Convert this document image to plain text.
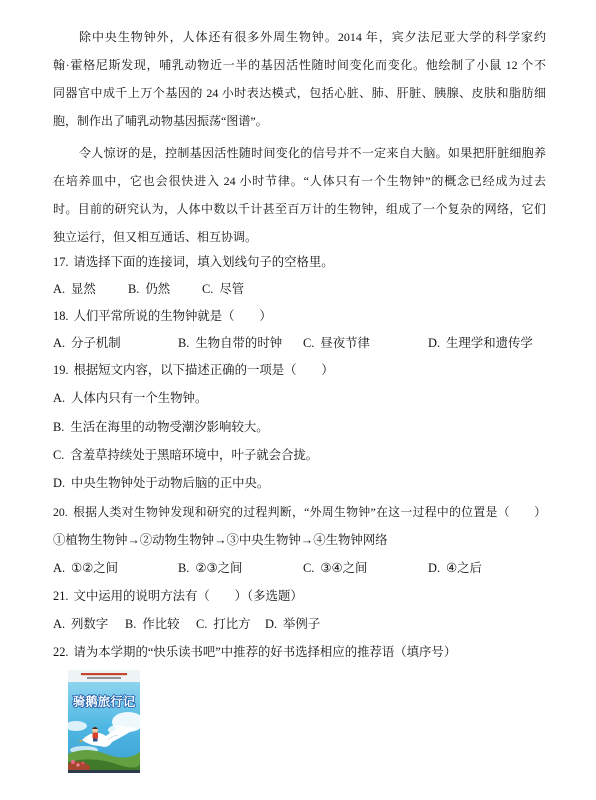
除中央生物钟外，人体还有很多外周生物钟。2014 年，宾夕法尼亚大学的科学家约
翰·霍格尼斯发现，哺乳动物近一半的基因活性随时间变化而变化。他绘制了小鼠 12 个不
同器官中成千上万个基因的 24 小时表达模式，包括心脏、肺、肝脏、胰腺、皮肤和脂肪细
胞，制作出了哺乳动物基因振荡“图谱”。
令人惊讶的是，控制基因活性随时间变化的信号并不一定来自大脑。如果把肝脏细胞养
在培养皿中，它也会很快进入 24 小时节律。“人体只有一个生物钟”的概念已经成为过去
时。目前的研究认为，人体中数以千计甚至百万计的生物钟，组成了一个复杂的网络，它们
独立运行，但又相互通话、相互协调。
17. 请选择下面的连接词，填入划线句子的空格里。
A. 显然	B. 仍然	C. 尽管
18. 人们平常所说的生物钟就是（　　）
A. 分子机制	B. 生物自带的时钟 C. 昼夜节律	D. 生理学和遗传学
19. 根据短文内容，以下描述正确的一项是（　　）
A. 人体内只有一个生物钟。
B. 生活在海里的动物受潮汐影响较大。
C. 含羞草持续处于黑暗环境中，叶子就会合拢。
D. 中央生物钟处于动物后脑的正中央。
20. 根据人类对生物钟发现和研究的过程判断，“外周生物钟”在这一过程中的位置是（　　）
①植物生物钟→②动物生物钟→③中央生物钟→④生物钟网络
A. ①②之间	B. ②③之间	C. ③④之间	D. ④之后
21. 文中运用的说明方法有（　　）（多选题）
A. 列数字 B. 作比较 C. 打比方 D. 举例子
22. 请为本学期的“快乐读书吧”中推荐的好书选择相应的推荐语（填序号）
骑鹅旅行记
